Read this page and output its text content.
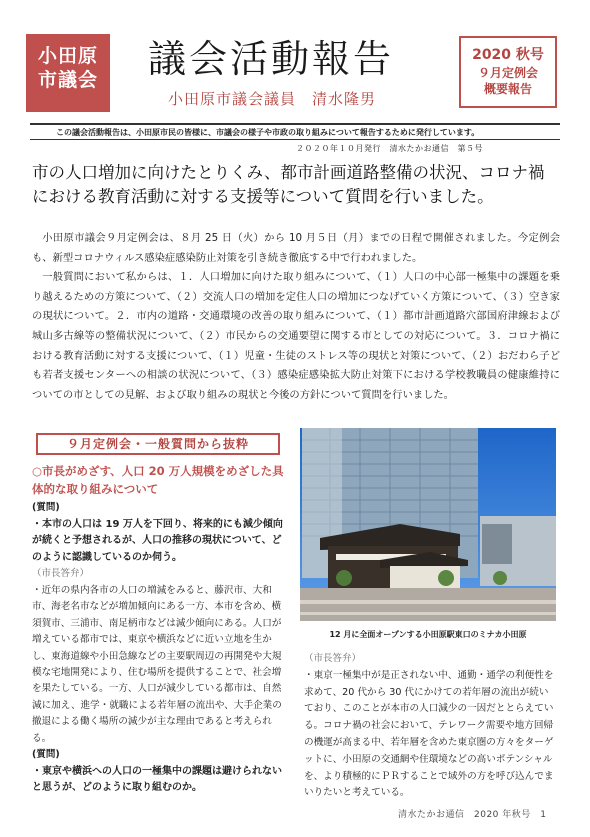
小田原
市議会	議会活動報告
小田原市議会議員　清水隆男
2020 秋号
９月定例会
概要報告
この議会活動報告は、小田原市民の皆様に、市議会の様子や市政の取り組みについて報告するために発行しています。
２０２０年１０月発行　清水たかお通信　第５号
市の人口増加に向けたとりくみ、都市計画道路整備の状況、コロナ禍における教育活動に対する支援等について質問を行いました。

小田原市議会９月定例会は、８月 25 日（火）から 10 月５日（月）までの日程で開催されました。今定例会も、新型コロナウィルス感染症感染防止対策を引き続き徹底する中で行われました。

一般質問において私からは、１．人口増加に向けた取り組みについて、（１）人口の中心部一極集中の課題を乗り越えるための方策について、（２）交流人口の増加を定住人口の増加につなげていく方策について、（３）空き家の現状について。２．市内の道路・交通環境の改善の取り組みについて、（１）都市計画道路穴部国府津線および城山多古線等の整備状況について、（２）市民からの交通要望に関する市としての対応について。３．コロナ禍における教育活動に対する支援について、（１）児童・生徒のストレス等の現状と対策について、（２）おだわら子ども若者支援センターへの相談の状況について、（３）感染症感染拡大防止対策下における学校教職員の健康維持についての市としての見解、および取り組みの現状と今後の方針について質問を行いました。

９月定例会・一般質問から抜粋
○市長がめざす、人口 20 万人規模をめざした具体的な取り組みについて
(質問)
・本市の人口は 19 万人を下回り、将来的にも減少傾向が続くと予想されるが、人口の推移の現状について、どのように認識しているのか伺う。
（市長答弁）
・近年の県内各市の人口の増減をみると、藤沢市、大和市、海老名市などが増加傾向にある一方、本市を含め、横須賀市、三浦市、南足柄市などは減少傾向にある。人口が増えている都市では、東京や横浜などに近い立地を生かし、東海道線や小田急線などの主要駅周辺の再開発や大規模な宅地開発により、住む場所を提供することで、社会増を果たしている。一方、人口が減少している都市は、自然減に加え、進学・就職による若年層の流出や、大手企業の撤退による働く場所の減少が主な理由であると考えられる。
(質問)
・東京や横浜への人口の一極集中の課題は避けられないと思うが、どのように取り組むのか。
12 月に全面オープンする小田原駅東口のミナカ小田原
（市長答弁）
・東京一極集中が是正されない中、通勤・通学の利便性を求めて、20 代から 30 代にかけての若年層の流出が続いており、このことが本市の人口減少の一因だととらえている。コロナ禍の社会において、テレワーク需要や地方回帰の機運が高まる中、若年層を含めた東京圏の方々をターゲットに、小田原の交通網や住環境などの高いポテンシャルを、より積極的にＰＲすることで域外の方を呼び込んでまいりたいと考えている。
清水たかお通信　2020 年秋号　1
